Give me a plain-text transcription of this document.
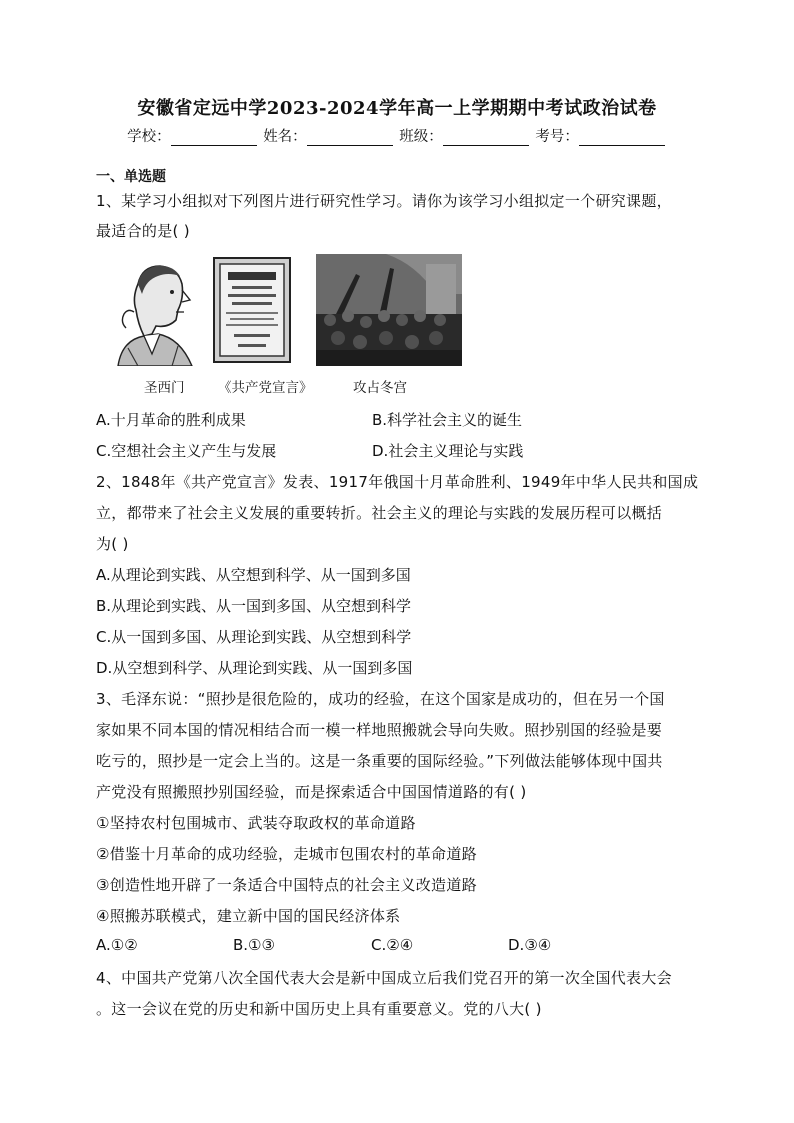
安徽省定远中学2023-2024学年高一上学期期中考试政治试卷
学校：	姓名：	班级：	考号：
一、单选题
1、某学习小组拟对下列图片进行研究性学习。请你为该学习小组拟定一个研究课题，
最适合的是( )
圣西门 《共产党宣言》	攻占冬宫
A.十月革命的胜利成果	B.科学社会主义的诞生
C.空想社会主义产生与发展	D.社会主义理论与实践
2、1848年《共产党宣言》发表、1917年俄国十月革命胜利、1949年中华人民共和国成
立，都带来了社会主义发展的重要转折。社会主义的理论与实践的发展历程可以概括
为( )
A.从理论到实践、从空想到科学、从一国到多国
B.从理论到实践、从一国到多国、从空想到科学
C.从一国到多国、从理论到实践、从空想到科学
D.从空想到科学、从理论到实践、从一国到多国
3、毛泽东说：“照抄是很危险的，成功的经验，在这个国家是成功的，但在另一个国
家如果不同本国的情况相结合而一模一样地照搬就会导向失败。照抄别国的经验是要
吃亏的，照抄是一定会上当的。这是一条重要的国际经验。”下列做法能够体现中国共
产党没有照搬照抄别国经验，而是探索适合中国国情道路的有( )
①坚持农村包围城市、武装夺取政权的革命道路
②借鉴十月革命的成功经验，走城市包围农村的革命道路
③创造性地开辟了一条适合中国特点的社会主义改造道路
④照搬苏联模式，建立新中国的国民经济体系
A.①②	B.①③	C.②④	D.③④
4、中国共产党第八次全国代表大会是新中国成立后我们党召开的第一次全国代表大会
。这一会议在党的历史和新中国历史上具有重要意义。党的八大( )
